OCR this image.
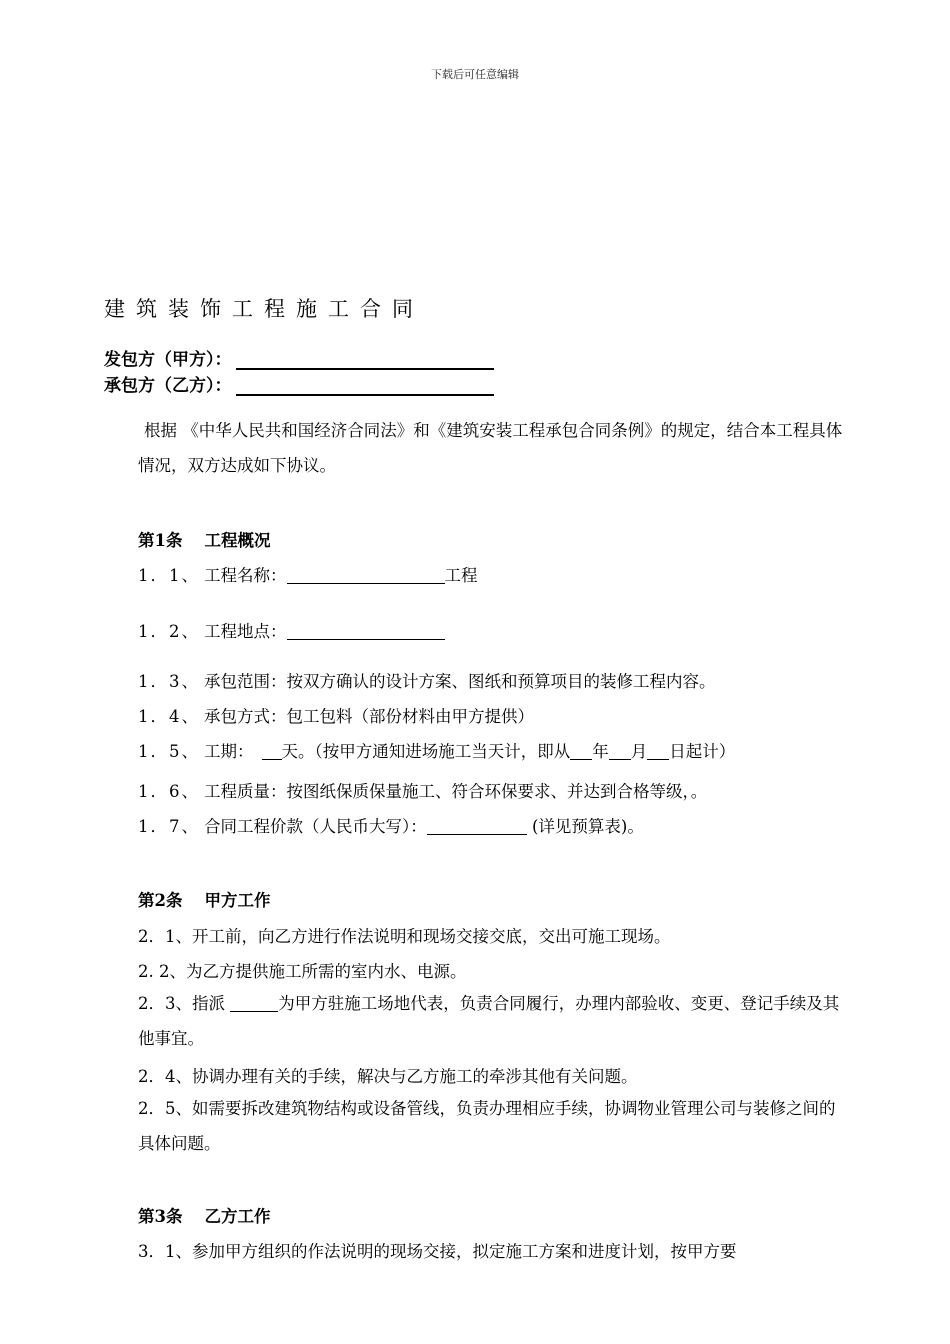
下载后可任意编辑
建筑装饰工程施工合同
发包方（甲方）：
承包方（乙方）：
根据 《中华人民共和国经济合同法》和《建筑安装工程承包合同条例》的规定，结合本工程具体情况，双方达成如下协议。
第1条 工程概况
1．1、 工程名称：	工程
1．2、 工程地点：
1．3、 承包范围：按双方确认的设计方案、图纸和预算项目的装修工程内容。
1．4、 承包方式：包工包料（部份材料由甲方提供）
1．5、 工期： 天。（按甲方通知进场施工当天计，即从 年 月 日起计）
1．6、 工程质量：按图纸保质保量施工、符合环保要求、并达到合格等级，。
1．7、 合同工程价款（人民币大写）：	(详见预算表)。
第2条 甲方工作
2．1、开工前，向乙方进行作法说明和现场交接交底，交出可施工现场。
2. 2、为乙方提供施工所需的室内水、电源。
2．3、指派	为甲方驻施工场地代表，负责合同履行，办理内部验收、变更、登记手续及其他事宜。
2．4、协调办理有关的手续，解决与乙方施工的牵涉其他有关问题。
2．5、如需要拆改建筑物结构或设备管线，负责办理相应手续，协调物业管理公司与装修之间的具体问题。
第3条 乙方工作
3．1、参加甲方组织的作法说明的现场交接，拟定施工方案和进度计划，按甲方要
